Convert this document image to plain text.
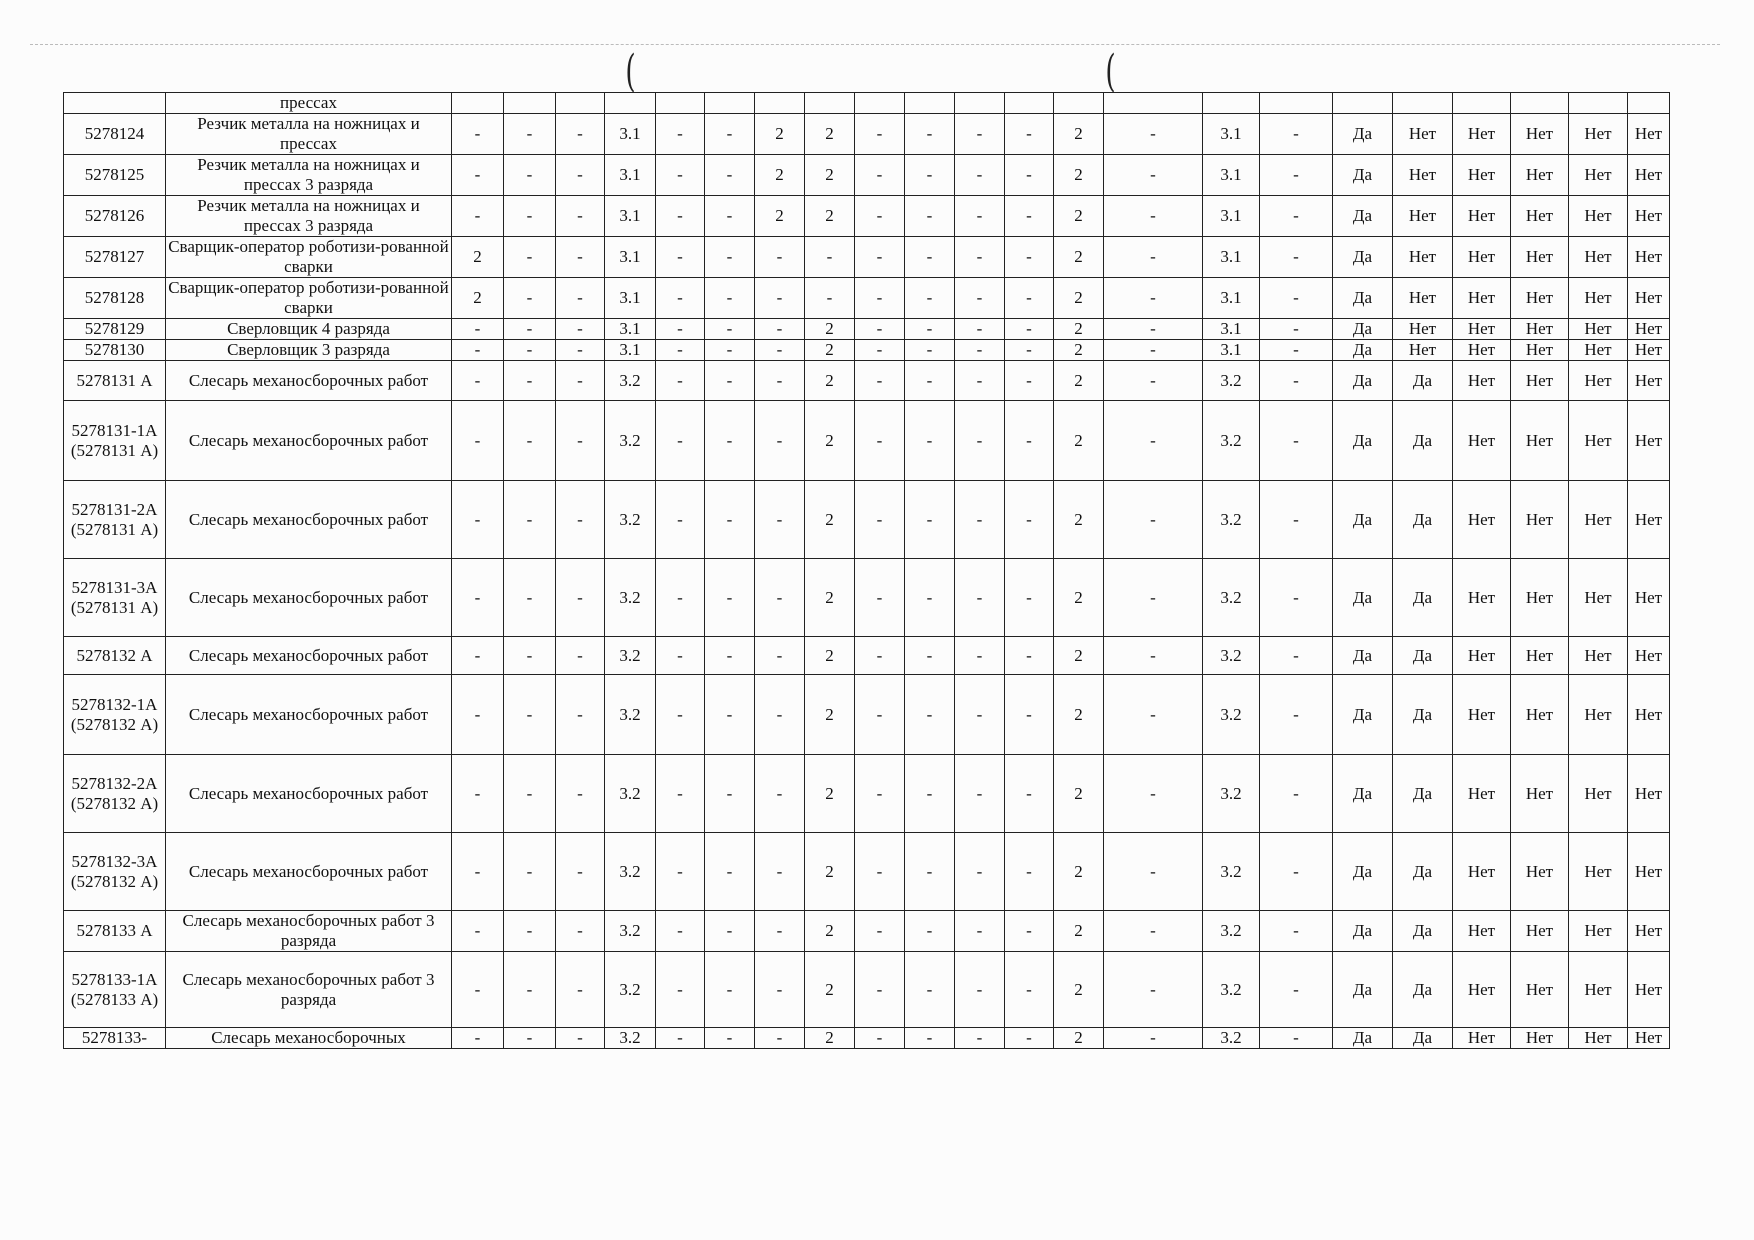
(	(
	прессах																						
5278124	Резчик металла на ножницах и прессах	-	-	-	3.1	-	-	2	2	-	-	-	-	2	-	3.1	-	Да	Нет	Нет	Нет	Нет	Нет
5278125	Резчик металла на ножницах и прессах 3 разряда	-	-	-	3.1	-	-	2	2	-	-	-	-	2	-	3.1	-	Да	Нет	Нет	Нет	Нет	Нет
5278126	Резчик металла на ножницах и прессах 3 разряда	-	-	-	3.1	-	-	2	2	-	-	-	-	2	-	3.1	-	Да	Нет	Нет	Нет	Нет	Нет
5278127	Сварщик-оператор роботизи-рованной сварки	2	-	-	3.1	-	-	-	-	-	-	-	-	2	-	3.1	-	Да	Нет	Нет	Нет	Нет	Нет
5278128	Сварщик-оператор роботизи-рованной сварки	2	-	-	3.1	-	-	-	-	-	-	-	-	2	-	3.1	-	Да	Нет	Нет	Нет	Нет	Нет
5278129	Сверловщик 4 разряда	-	-	-	3.1	-	-	-	2	-	-	-	-	2	-	3.1	-	Да	Нет	Нет	Нет	Нет	Нет
5278130	Сверловщик 3 разряда	-	-	-	3.1	-	-	-	2	-	-	-	-	2	-	3.1	-	Да	Нет	Нет	Нет	Нет	Нет
5278131 А	Слесарь механосборочных работ	-	-	-	3.2	-	-	-	2	-	-	-	-	2	-	3.2	-	Да	Да	Нет	Нет	Нет	Нет
5278131-1А (5278131 А)	Слесарь механосборочных работ	-	-	-	3.2	-	-	-	2	-	-	-	-	2	-	3.2	-	Да	Да	Нет	Нет	Нет	Нет
5278131-2А (5278131 А)	Слесарь механосборочных работ	-	-	-	3.2	-	-	-	2	-	-	-	-	2	-	3.2	-	Да	Да	Нет	Нет	Нет	Нет
5278131-3А (5278131 А)	Слесарь механосборочных работ	-	-	-	3.2	-	-	-	2	-	-	-	-	2	-	3.2	-	Да	Да	Нет	Нет	Нет	Нет
5278132 А	Слесарь механосборочных работ	-	-	-	3.2	-	-	-	2	-	-	-	-	2	-	3.2	-	Да	Да	Нет	Нет	Нет	Нет
5278132-1А (5278132 А)	Слесарь механосборочных работ	-	-	-	3.2	-	-	-	2	-	-	-	-	2	-	3.2	-	Да	Да	Нет	Нет	Нет	Нет
5278132-2А (5278132 А)	Слесарь механосборочных работ	-	-	-	3.2	-	-	-	2	-	-	-	-	2	-	3.2	-	Да	Да	Нет	Нет	Нет	Нет
5278132-3А (5278132 А)	Слесарь механосборочных работ	-	-	-	3.2	-	-	-	2	-	-	-	-	2	-	3.2	-	Да	Да	Нет	Нет	Нет	Нет
5278133 А	Слесарь механосборочных работ 3 разряда	-	-	-	3.2	-	-	-	2	-	-	-	-	2	-	3.2	-	Да	Да	Нет	Нет	Нет	Нет
5278133-1А (5278133 А)	Слесарь механосборочных работ 3 разряда	-	-	-	3.2	-	-	-	2	-	-	-	-	2	-	3.2	-	Да	Да	Нет	Нет	Нет	Нет
5278133-	Слесарь механосборочных	-	-	-	3.2	-	-	-	2	-	-	-	-	2	-	3.2	-	Да	Да	Нет	Нет	Нет	Нет
